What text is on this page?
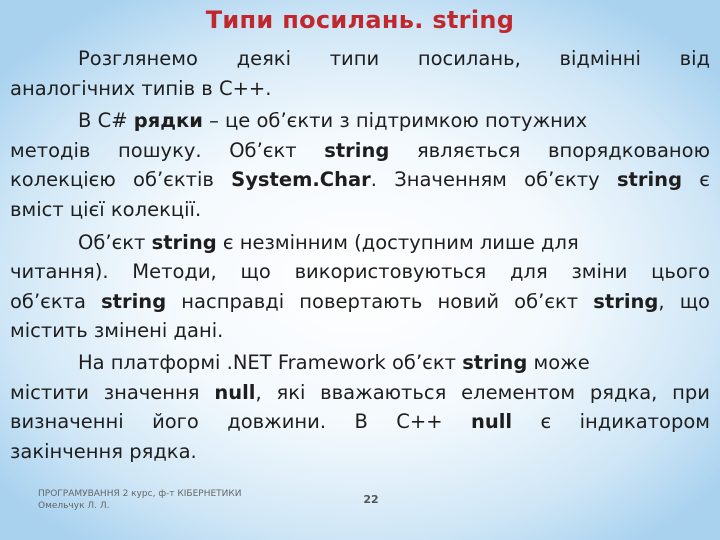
Типи посилань. string
Розглянемо деякі типи посилань, відмінні від
аналогічних типів в С++.
В С# рядки – це об’єкти з підтримкою потужних
методів пошуку. Об’єкт string являється впорядкованою
колекцією об’єктів System.Char. Значенням об’єкту string є
вміст цієї колекції.
Об’єкт string є незмінним (доступним лише для
читання). Методи, що використовуються для зміни цього
об’єкта string насправді повертають новий об’єкт string, що
містить змінені дані.
На платформі .NET Framework об’єкт string може
містити значення null, які вважаються елементом рядка, при
визначенні його довжини. В С++ null є індикатором
закінчення рядка.
ПРОГРАМУВАННЯ 2 курс, ф-т КІБЕРНЕТИКИ
Омельчук Л. Л.	22
